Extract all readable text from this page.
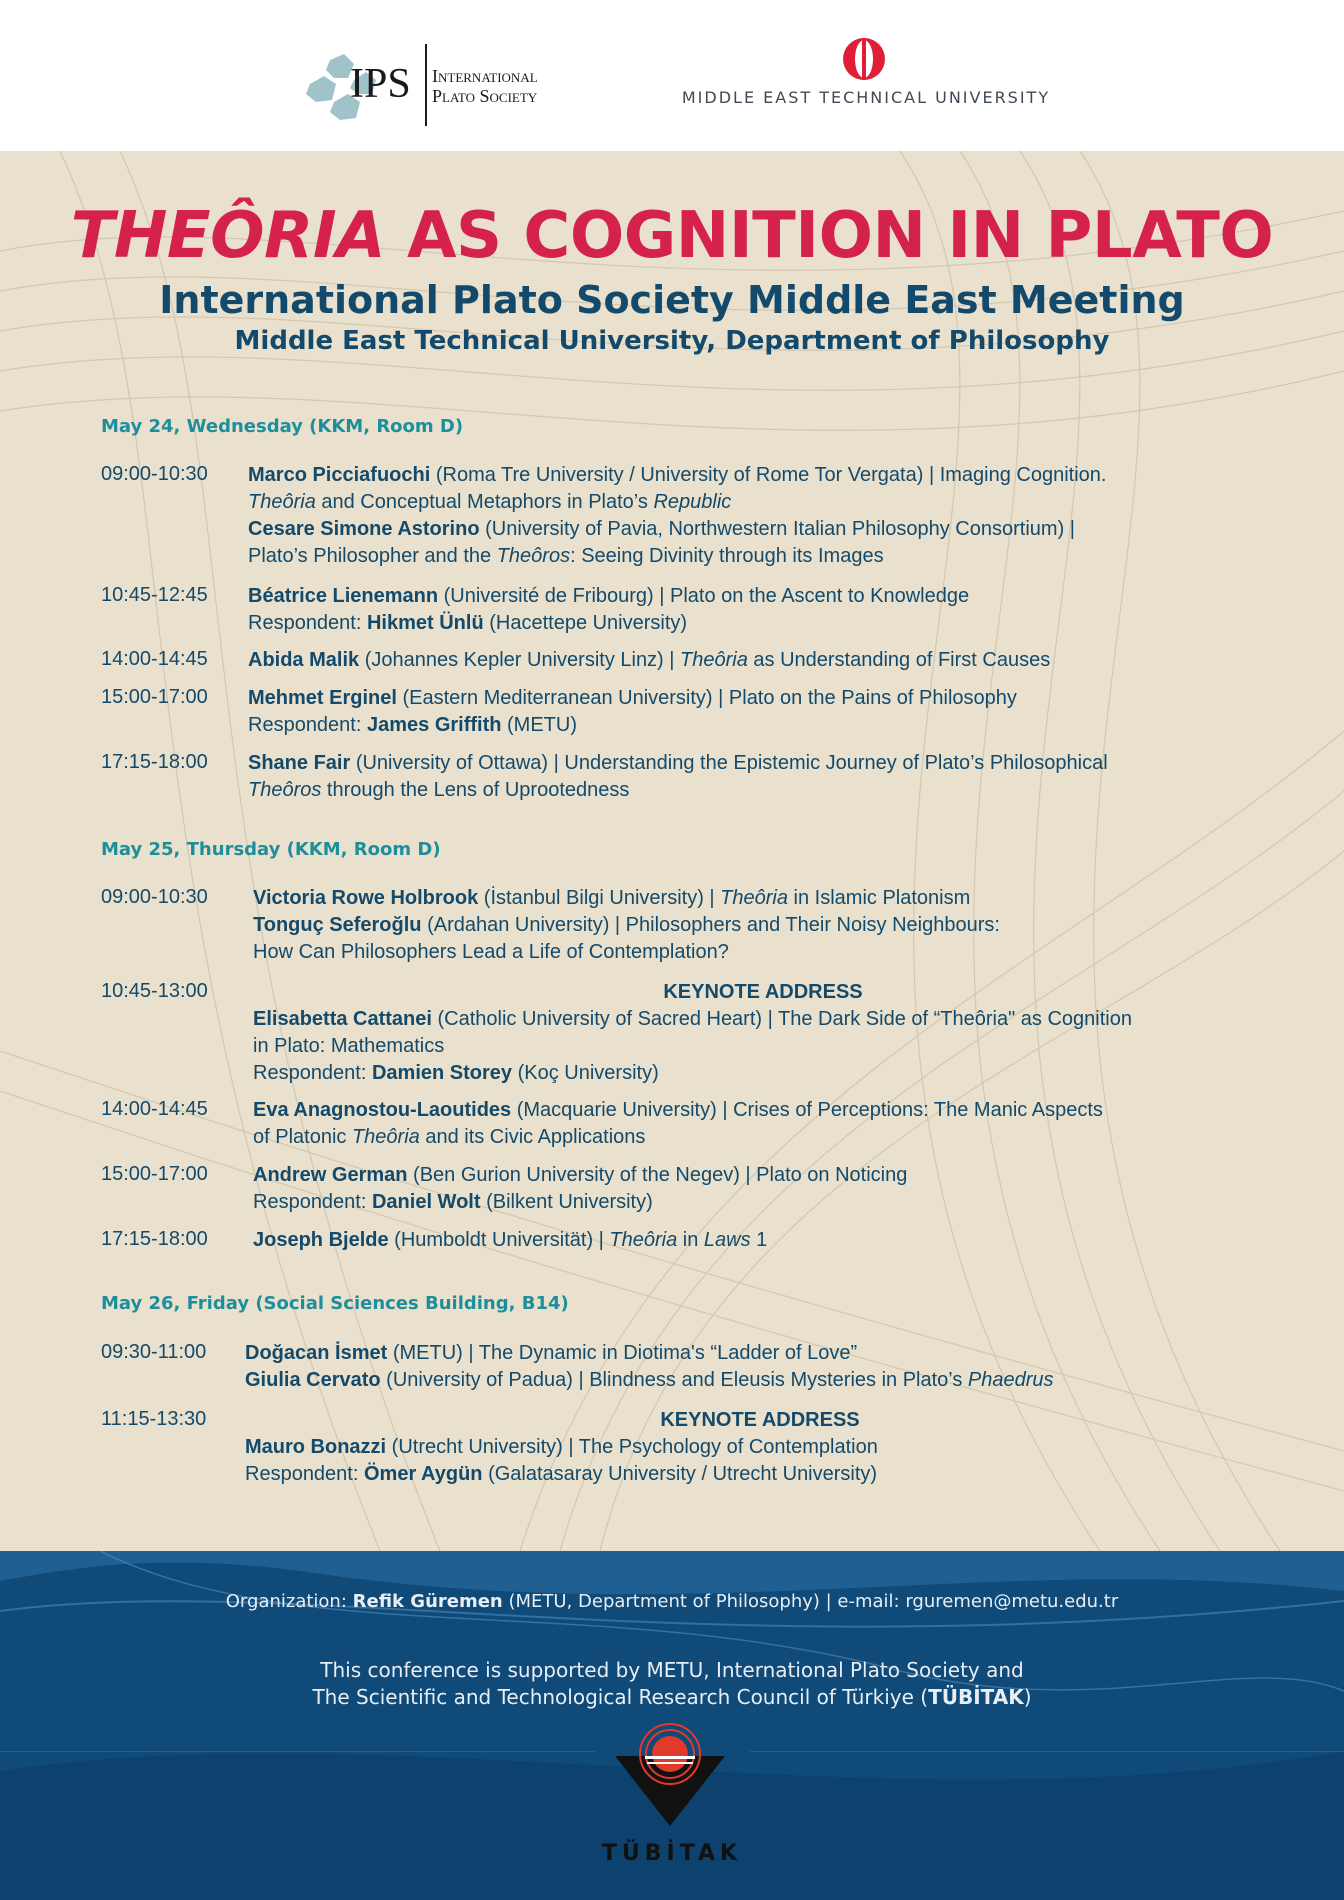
IPS International
Plato Society	MIDDLE EAST TECHNICAL UNIVERSITY
THEÔRIA AS COGNITION IN PLATO
International Plato Society Middle East Meeting
Middle East Technical University, Department of Philosophy
May 24, Wednesday (KKM, Room D)
09:00-10:30 Marco Picciafuochi (Roma Tre University / University of Rome Tor Vergata) | Imaging Cognition.
Theôria and Conceptual Metaphors in Plato’s Republic
Cesare Simone Astorino (University of Pavia, Northwestern Italian Philosophy Consortium) |
Plato’s Philosopher and the Theôros: Seeing Divinity through its Images
10:45-12:45 Béatrice Lienemann (Université de Fribourg) | Plato on the Ascent to Knowledge
Respondent: Hikmet Ünlü (Hacettepe University)
14:00-14:45 Abida Malik (Johannes Kepler University Linz) | Theôria as Understanding of First Causes
15:00-17:00 Mehmet Erginel (Eastern Mediterranean University) | Plato on the Pains of Philosophy
Respondent: James Griffith (METU)
17:15-18:00 Shane Fair (University of Ottawa) | Understanding the Epistemic Journey of Plato’s Philosophical
Theôros through the Lens of Uprootedness
May 25, Thursday (KKM, Room D)
09:00-10:30 Victoria Rowe Holbrook (İstanbul Bilgi University) | Theôria in Islamic Platonism
Tonguç Seferoğlu (Ardahan University) | Philosophers and Their Noisy Neighbours:
How Can Philosophers Lead a Life of Contemplation?
10:45-13:00	KEYNOTE ADDRESS
Elisabetta Cattanei (Catholic University of Sacred Heart) | The Dark Side of “Theôria" as Cognition
in Plato: Mathematics
Respondent: Damien Storey (Koç University)
14:00-14:45 Eva Anagnostou-Laoutides (Macquarie University) | Crises of Perceptions: The Manic Aspects
of Platonic Theôria and its Civic Applications
15:00-17:00 Andrew German (Ben Gurion University of the Negev) | Plato on Noticing
Respondent: Daniel Wolt (Bilkent University)
17:15-18:00 Joseph Bjelde (Humboldt Universität) | Theôria in Laws 1
May 26, Friday (Social Sciences Building, B14)
09:30-11:00 Doğacan İsmet (METU) | The Dynamic in Diotima's “Ladder of Love”
Giulia Cervato (University of Padua) | Blindness and Eleusis Mysteries in Plato’s Phaedrus
11:15-13:30	KEYNOTE ADDRESS
Mauro Bonazzi (Utrecht University) | The Psychology of Contemplation
Respondent: Ömer Aygün (Galatasaray University / Utrecht University)
Organization: Refik Güremen (METU, Department of Philosophy) | e-mail: rguremen@metu.edu.tr
This conference is supported by METU, International Plato Society and
The Scientific and Technological Research Council of Türkiye (TÜBİTAK)
TÜBİTAK
